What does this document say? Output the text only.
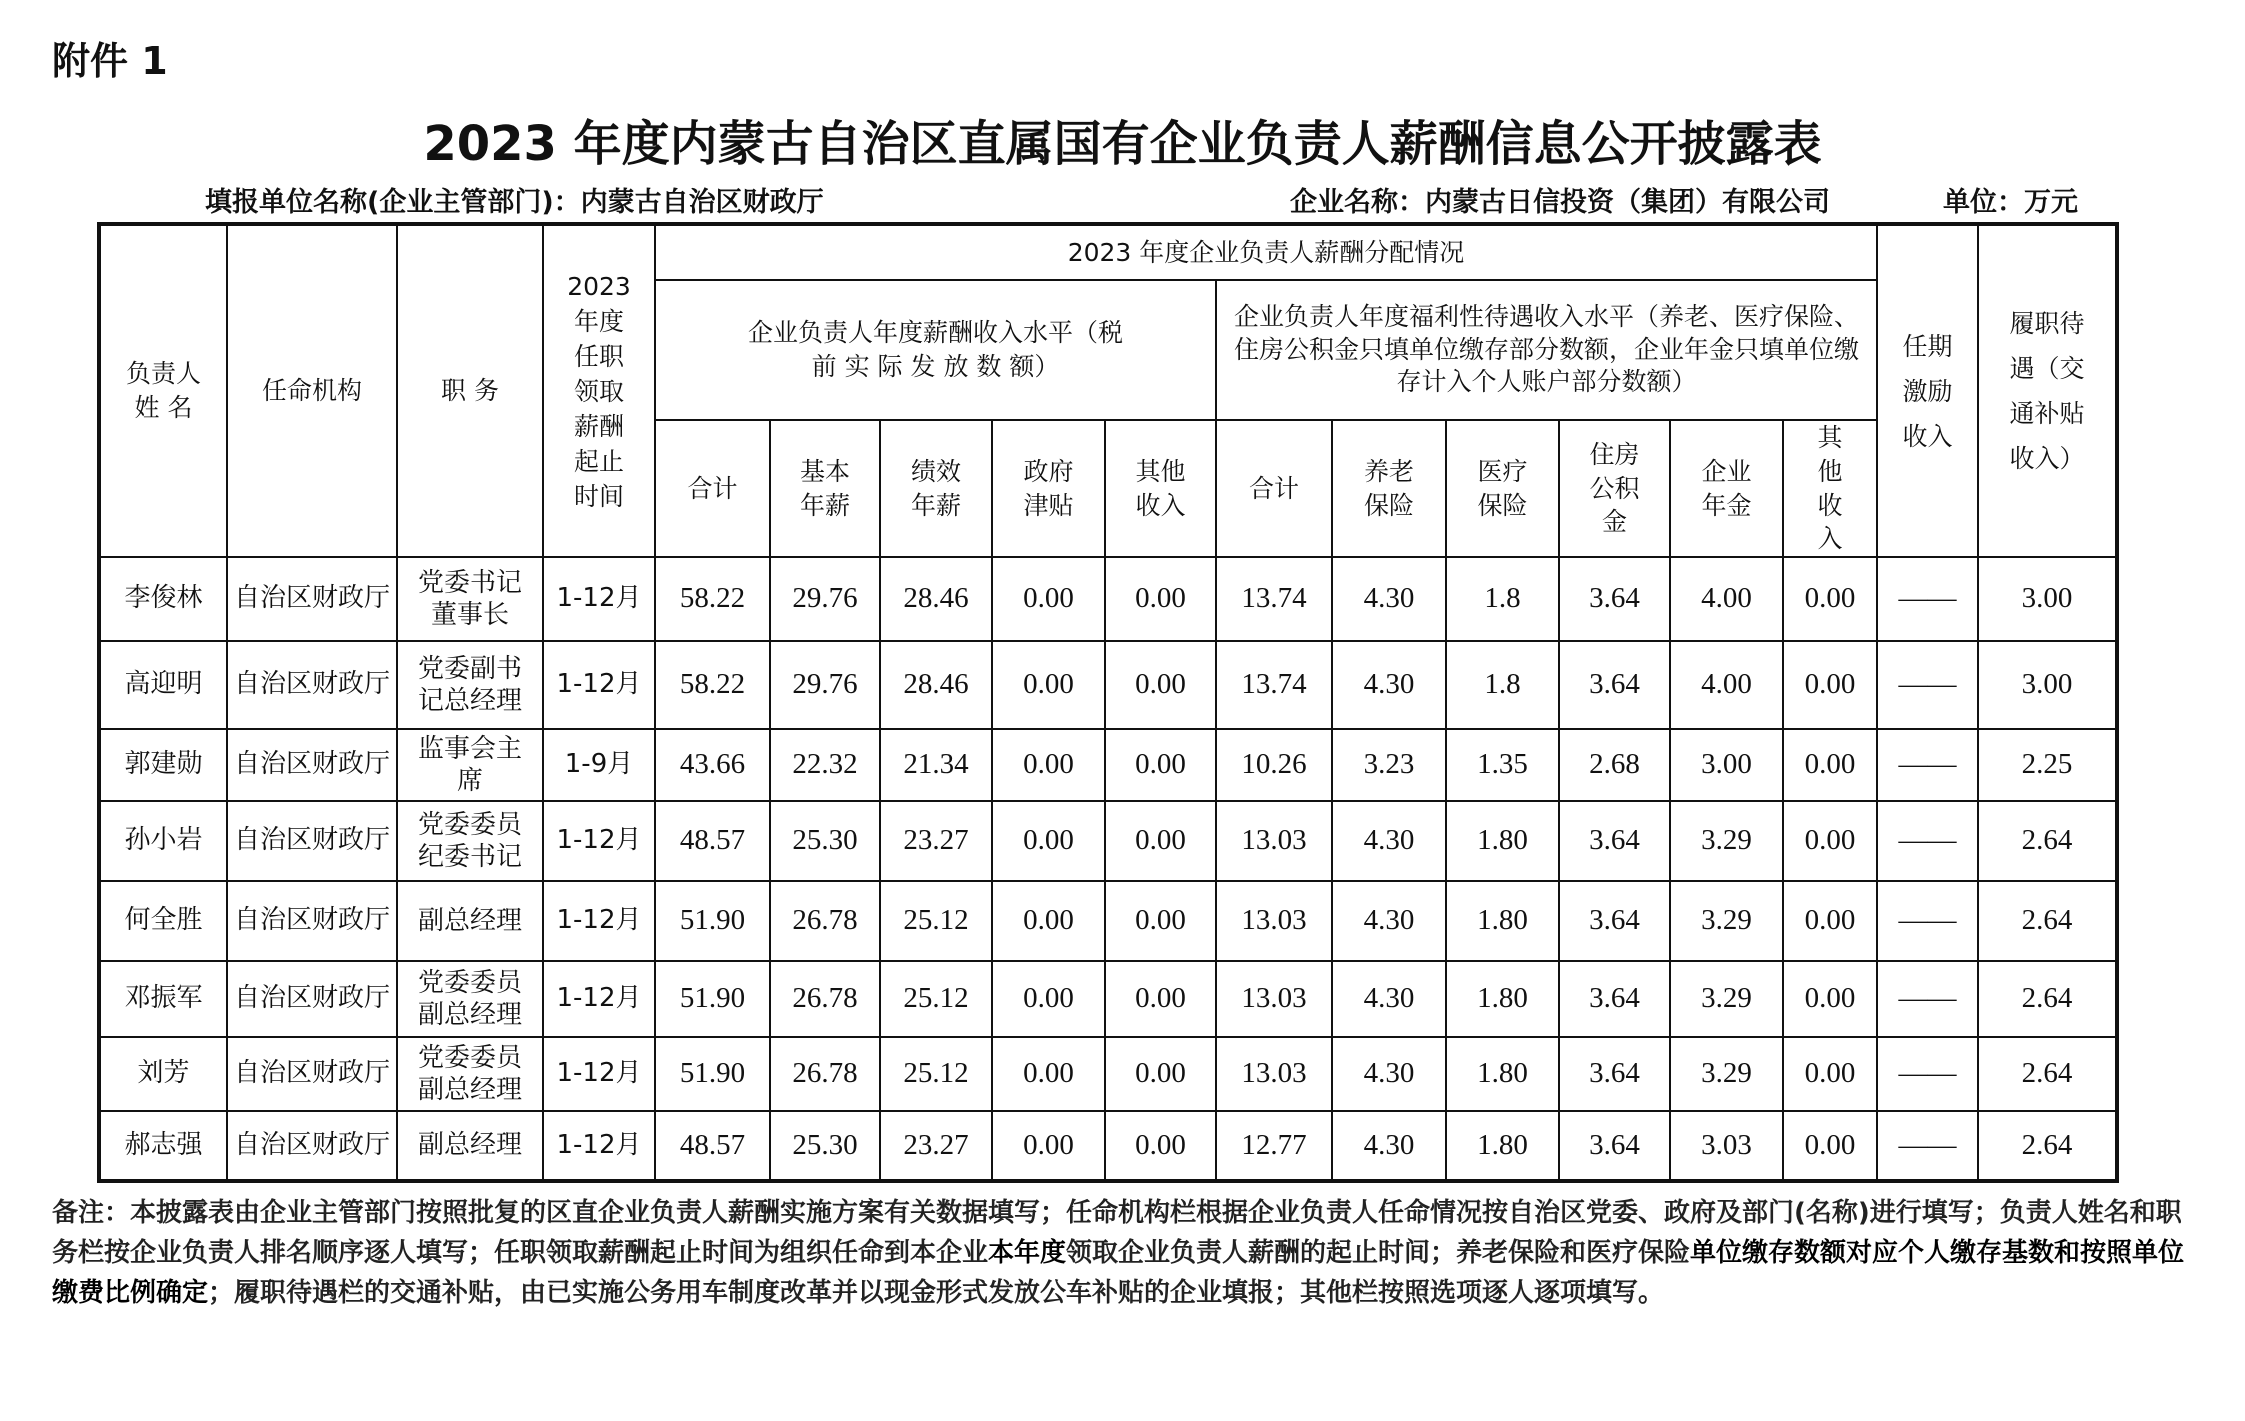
附件 1
2023 年度内蒙古自治区直属国有企业负责人薪酬信息公开披露表
填报单位名称(企业主管部门)：内蒙古自治区财政厅	企业名称：内蒙古日信投资（集团）有限公司	单位：万元
负责人姓 名	任命机构	职 务	2023年度任职领取薪酬起止时间	2023 年度企业负责人薪酬分配情况											任期激励收入	履职待遇（交通补贴收入）
				企业负责人年度薪酬收入水平（税 前 实 际 发 放 数 额）					企业负责人年度福利性待遇收入水平（养老、医疗保险、住房公积金只填单位缴存部分数额，企业年金只填单位缴存计入个人账户部分数额）							
				合计	基本年薪	绩效年薪	政府津贴	其他收入	合计	养老保险	医疗保险	住房公积金	企业年金	其他收入		
李俊林	自治区财政厅	党委书记董事长	1-12月	58.22	29.76	28.46	0.00	0.00	13.74	4.30	1.8	3.64	4.00	0.00	——	3.00
高迎明	自治区财政厅	党委副书记总经理	1-12月	58.22	29.76	28.46	0.00	0.00	13.74	4.30	1.8	3.64	4.00	0.00	——	3.00
郭建勋	自治区财政厅	监事会主席	1-9月	43.66	22.32	21.34	0.00	0.00	10.26	3.23	1.35	2.68	3.00	0.00	——	2.25
孙小岩	自治区财政厅	党委委员纪委书记	1-12月	48.57	25.30	23.27	0.00	0.00	13.03	4.30	1.80	3.64	3.29	0.00	——	2.64
何全胜	自治区财政厅	副总经理	1-12月	51.90	26.78	25.12	0.00	0.00	13.03	4.30	1.80	3.64	3.29	0.00	——	2.64
邓振军	自治区财政厅	党委委员副总经理	1-12月	51.90	26.78	25.12	0.00	0.00	13.03	4.30	1.80	3.64	3.29	0.00	——	2.64
刘芳	自治区财政厅	党委委员副总经理	1-12月	51.90	26.78	25.12	0.00	0.00	13.03	4.30	1.80	3.64	3.29	0.00	——	2.64
郝志强	自治区财政厅	副总经理	1-12月	48.57	25.30	23.27	0.00	0.00	12.77	4.30	1.80	3.64	3.03	0.00	——	2.64
备注：本披露表由企业主管部门按照批复的区直企业负责人薪酬实施方案有关数据填写；任命机构栏根据企业负责人任命情况按自治区党委、政府及部门(名称)进行填写；负责人姓名和职务栏按企业负责人排名顺序逐人填写；任职领取薪酬起止时间为组织任命到本企业本年度领取企业负责人薪酬的起止时间；养老保险和医疗保险单位缴存数额对应个人缴存基数和按照单位缴费比例确定；履职待遇栏的交通补贴，由已实施公务用车制度改革并以现金形式发放公车补贴的企业填报；其他栏按照选项逐人逐项填写。
